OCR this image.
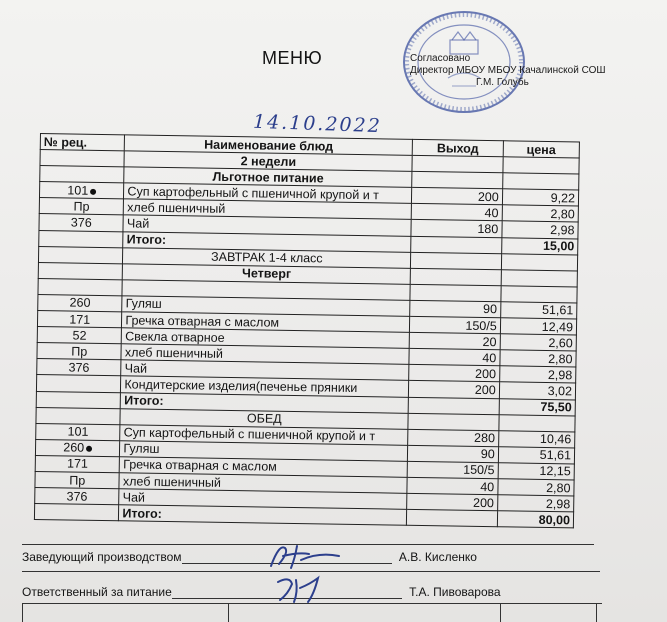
МЕНЮ	Согласовано
Директор МБОУ МБОУ Качалинской СОШ
Г.М. Голубь
14.10.2022
№ рец.	Наименование блюд	Выход	цена
	2 недели		
	Льготное питание		
101	Суп картофельный с пшеничной крупой и т	200	9,22
Пр	хлеб пшеничный	40	2,80
376	Чай	180	2,98
	Итого:		15,00
	ЗАВТРАК 1-4 класс		
	Четверг		

260	Гуляш	90	51,61
171	Гречка отварная с маслом	150/5	12,49
52	Свекла отварное	20	2,60
Пр	хлеб пшеничный	40	2,80
376	Чай	200	2,98
	Кондитерские изделия(печенье пряники	200	3,02
	Итого:		75,50
	ОБЕД		
101	Суп картофельный с пшеничной крупой и т	280	10,46
260	Гуляш	90	51,61
171	Гречка отварная с маслом	150/5	12,15
Пр	хлеб пшеничный	40	2,80
376	Чай	200	2,98
	Итого:		80,00
Заведующий производством	А.В. Кисленко
Ответственный за питание	Т.А. Пивоварова
